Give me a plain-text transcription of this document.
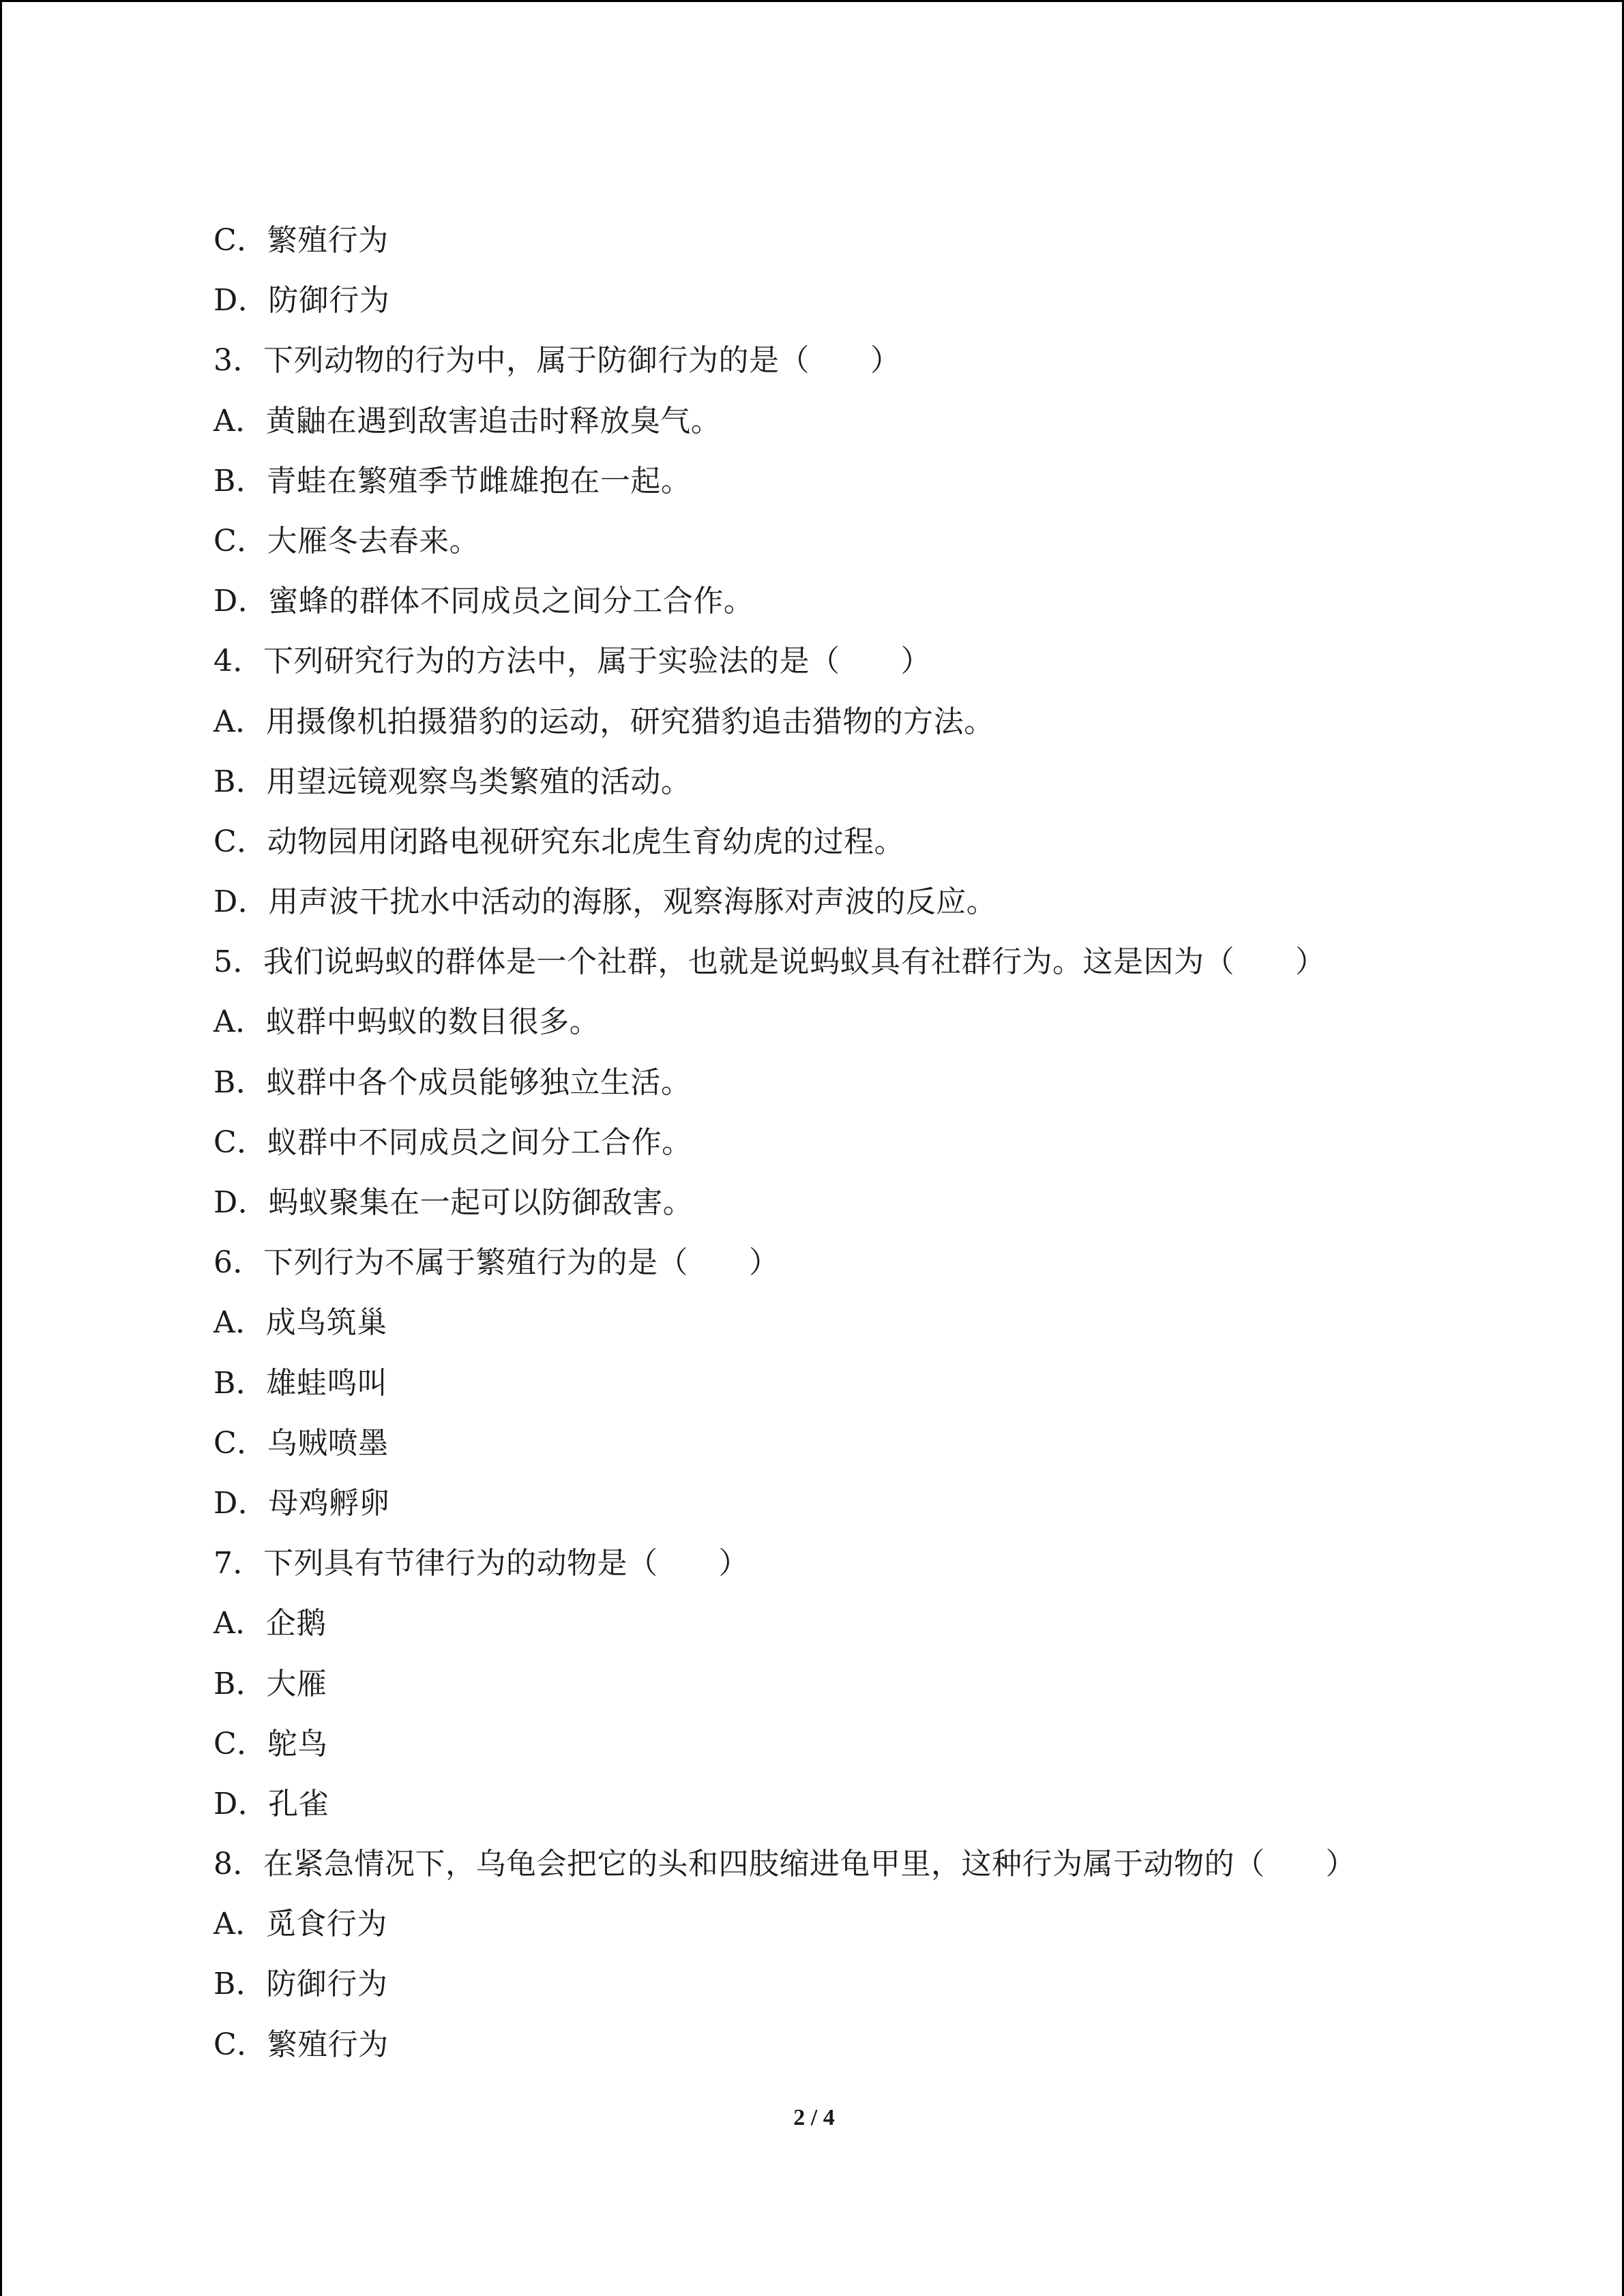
C．繁殖行为
D．防御行为
3．下列动物的行为中，属于防御行为的是（　　）
A．黄鼬在遇到敌害追击时释放臭气。
B．青蛙在繁殖季节雌雄抱在一起。
C．大雁冬去春来。
D．蜜蜂的群体不同成员之间分工合作。
4．下列研究行为的方法中，属于实验法的是（　　）
A．用摄像机拍摄猎豹的运动，研究猎豹追击猎物的方法。
B．用望远镜观察鸟类繁殖的活动。
C．动物园用闭路电视研究东北虎生育幼虎的过程。
D．用声波干扰水中活动的海豚，观察海豚对声波的反应。
5．我们说蚂蚁的群体是一个社群，也就是说蚂蚁具有社群行为。这是因为（　　）
A．蚁群中蚂蚁的数目很多。
B．蚁群中各个成员能够独立生活。
C．蚁群中不同成员之间分工合作。
D．蚂蚁聚集在一起可以防御敌害。
6．下列行为不属于繁殖行为的是（　　）
A．成鸟筑巢
B．雄蛙鸣叫
C．乌贼喷墨
D．母鸡孵卵
7．下列具有节律行为的动物是（　　）
A．企鹅
B．大雁
C．鸵鸟
D．孔雀
8．在紧急情况下，乌龟会把它的头和四肢缩进龟甲里，这种行为属于动物的（　　）
A．觅食行为
B．防御行为
C．繁殖行为
2 / 4
